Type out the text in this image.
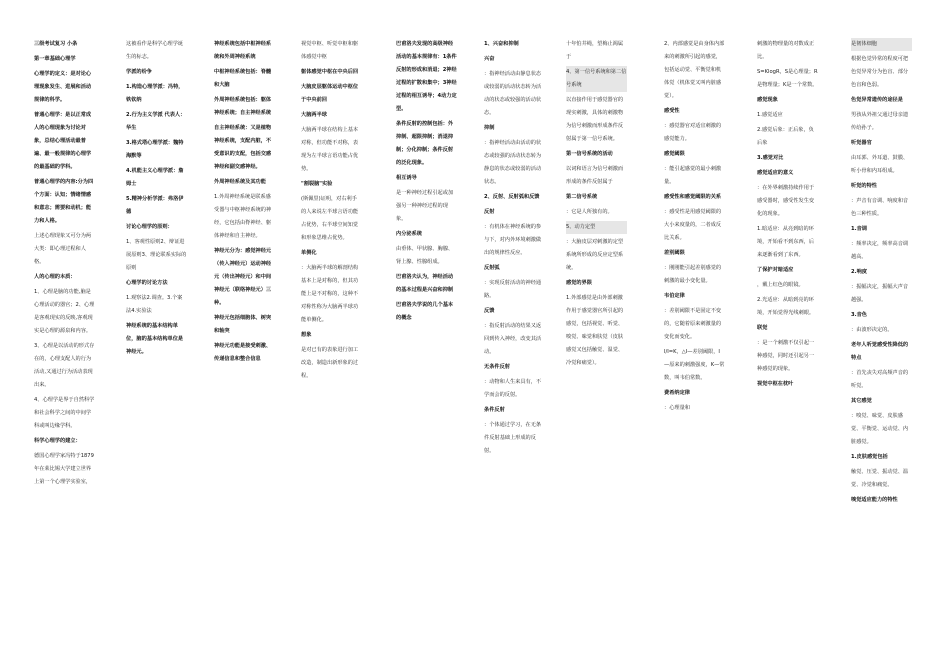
三级考试复习 小条

第一章基础心理学

心理学的定义：是对论心理现象发生、进展和活动规律的科学。

普通心理学：是以正常成人的心理现象为讨论对象，总结心理活动最普遍、最一般规律的心理学的最基础的学科。

普通心理学的内容:分为四个方面：认知；情绪情感和意志；需要和动机；能力和人格。

上述心理现象又可分为两大类：即心理过程和人格。

人的心理的本质：

1、心理是脑的功能,脑是心理活动的器官；2、心理是客观现实的反映,客观现实是心理的源泉和内容。

3、心理是以活动的形式存在的，心理支配人的行为活动,又通过行为活动表现出来。

4、心理学是界于自然科学和社会科学之间的中间学科或叫边缘学科。

科学心理学的建立：

德国心理学家冯特于1879年在莱比锡大学建立世界上第一个心理学实验室，

这被看作是科学心理学诞生的标志。

学派的纷争

1.构造心理学派：冯特，铁钦纳

2.行为主义学派 代表人：华生

3.格式塔心理学派：魏特海默等

4.机能主义心理学派：詹姆士

5.精神分析学派：弗洛伊德

讨论心理学的原则：

1、客观性原则2、辩证进展原则3、理论联系实际的原则

心理学的讨论方法

1.观察法2.调查。3.个案法4.实验法

神经系统的基本结构单位，脑的基本结构单位是神经元。

神经系统包括中枢神经系统和外周神经系统

中枢神经系统包括：脊髓和大脑

外周神经系统包括：躯体神经系统；自主神经系统

自主神经系统：又是植物神经系统，支配内脏，不受意识的支配，包括交感神经和副交感神经。

外周神经系统及其功能

1.外周神经系统是联系感受器与中枢神经系统的神经，它包括由脊神经、躯体神经和自主神经。

神经元分为：感觉神经元（传入神经元）运动神经元（传出神经元）和中间神经元（联络神经元）三种。

神经元包括细胞体、树突和轴突

神经元功能是接受刺激、传递信息和整合信息

视觉中枢、听觉中枢和躯体感觉中枢

躯体感觉中枢在中央后回

大脑皮层躯体运动中枢位于中央前回

大脑两半球

大脑两半球在结构上基本对称，但功能不对称，表现为左半球言语功能占优势。

"割裂脑"实验

(斯佩里)证明，对右利手的人来说左半球言语功能占优势，右半球空间知觉和形象思维占优势。

单侧化

：大脑两半球的解剖结构基本上是对称的，但其功能上是不对称的，这种不对称性称为大脑两半球功能单侧化。

想象

是对已有的表象进行加工改造，制造出新形象的过程。

巴甫洛夫发现的高级神经活动的基本规律有：1条件反射的形成和消退；2神经过程的扩散和集中；3神经过程的相互诱导；4动力定型。

条件反射的控制包括：外抑制、超限抑制；消退抑制；分化抑制；条件反射的泛化现象。

相互诱导

是一种神经过程引起或加强另一种神经过程的现象。

内分泌系统

由垂体、甲状腺、胸腺、肾上腺、性腺组成。

巴甫洛夫认为，神经活动的基本过程是兴奋和抑制

巴甫洛夫学说的几个基本的概念

1、兴奋和抑制

兴奋

：指神经活动由静息状态或较弱的活动状态转为活动的状态或较强的活动状态。

抑制

：指神经活动由活动的状态或较强的活动状态转为静息的状态或较弱的活动状态。

2、反射、反射弧和反馈

反射

：有机体在神经系统的参与下，对内外环境刺激做出的规律性反应。

反射弧

：实现反射活动的神经通路。

反馈

：指反射活动的结果又返回到传入神经，改变其活动。

无条件反射

：动物和人生来具有，不学而会的反射。

条件反射

：个体通过学习，在无条件反射基础上形成的反射。

十年怕井绳，望梅止渴属于

4、第一信号系统和第二信号系统

以直接作用于感觉器官的现实刺激，具体的刺激物为信号刺激而形成条件反射属于第一信号系统。

第一信号系统的活动

以词和语言为信号刺激而形成的条件反射属于

第二信号系统

：它是人所独有的。

5、动力定型

：大脑皮层对刺激的定型系统所形成的反应定型系统。

感觉的界限

1.外部感觉是由外部刺激作用于感觉器官所引起的感觉，包括视觉、听觉、嗅觉、味觉和肤觉（皮肤感觉又包括触觉、温觉、冷觉和痛觉）。

2、内部感觉是由身体内部来的刺激所引起的感觉，包括运动觉、平衡觉和机体觉（机体觉又叫内脏感觉）。

感受性

：感觉器官对适宜刺激的感觉能力。

感觉阈限

：能引起感觉的最小刺激量。

感受性和感觉阈限的关系

：感受性是用感觉阈限的大小来度量的，二者成反比关系。

差别阈限

：刚刚能引起差别感觉的刺激的最小变化量。

韦伯定律

：差别阈限不是固定不变的，它随着原来刺激量的变化而变化。

I/I=K，△I—差别阈限，I—原来的刺激强度，K—常数，叫韦伯常数。

费希纳定律

：心理量和

刺激的物理量的对数成正比。

S=KlogR，S是心理量；R是物理量；K是一个常数。

感觉现象

1.感觉适应

2.感觉后象：正后象，负后象

3.感觉对比

感觉适应的意义

：在外界刺激持续作用于感受器时，感受性发生变化的现象。

1.暗适应：从亮到暗的环境，开始看不到东西，后来逐渐看到了东西。

了保护对暗适应

，戴上红色的眼镜。

2.光适应：从暗到亮的环境，开始觉得光线刺眼。

联觉

：是一个刺激不仅引起一种感觉，同时还引起另一种感觉的现象。

视觉中枢在枕叶

是韧体细胞

根据色觉异常的程度可把色觉异常分为色盲、部分色盲和色弱。

色觉异常遗传的途径是

男孩从外祖父通过母亲遗传给孙子。

听觉器官

由耳郭、外耳道、鼓膜、听小骨和内耳组成。

听觉的特性

：声音有音调、响度和音色三种性质。

1.音调

：频率决定，频率高音调越高。

2.响度

：振幅决定，振幅大声音越强。

3.音色

：由波形决定的。

老年人听觉感受性降低的特点

：首先丧失对高频声音的听觉。

其它感觉

：嗅觉、味觉、皮肤感觉、平衡觉、运动觉、内脏感觉。

1.皮肤感觉包括

触觉、压觉、振动觉、温觉、冷觉和痛觉。

嗅觉适应能力的特性
